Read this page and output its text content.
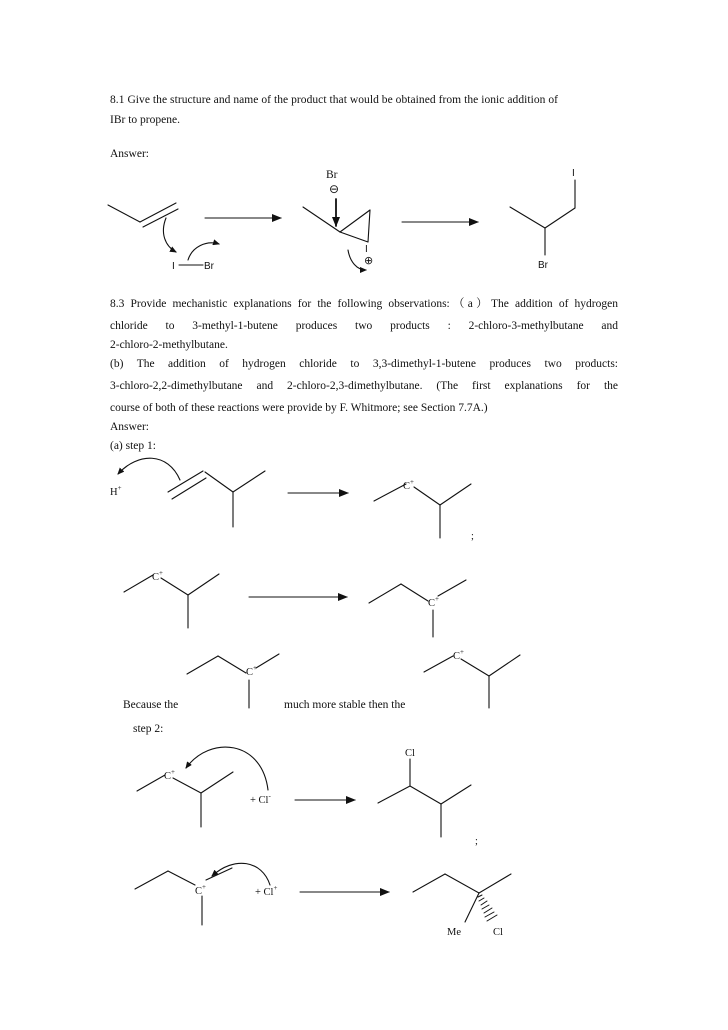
8.1 Give the structure and name of the product that would be obtained from the ionic addition of
IBr to propene.
Answer:
8.3 Provide mechanistic explanations for the following observations:（a）The addition of hydrogen
chloride to 3-methyl-1-butene produces two products : 2-chloro-3-methylbutane and
2-chloro-2-methylbutane.
(b) The addition of hydrogen chloride to 3,3-dimethyl-1-butene produces two products:
3-chloro-2,2-dimethylbutane and 2-chloro-2,3-dimethylbutane. (The first explanations for the
course of both of these reactions were provide by F. Whitmore; see Section 7.7A.)
Answer:
(a) step 1:
Because the	much more stable then the
step 2:
Br
⊖
I	Br
I
⊕
I
Br
H+	C+
;
C+
C+
C+
C+
C+
+ Cl-
Cl
;
C+	+ Cl+
Me	Cl
